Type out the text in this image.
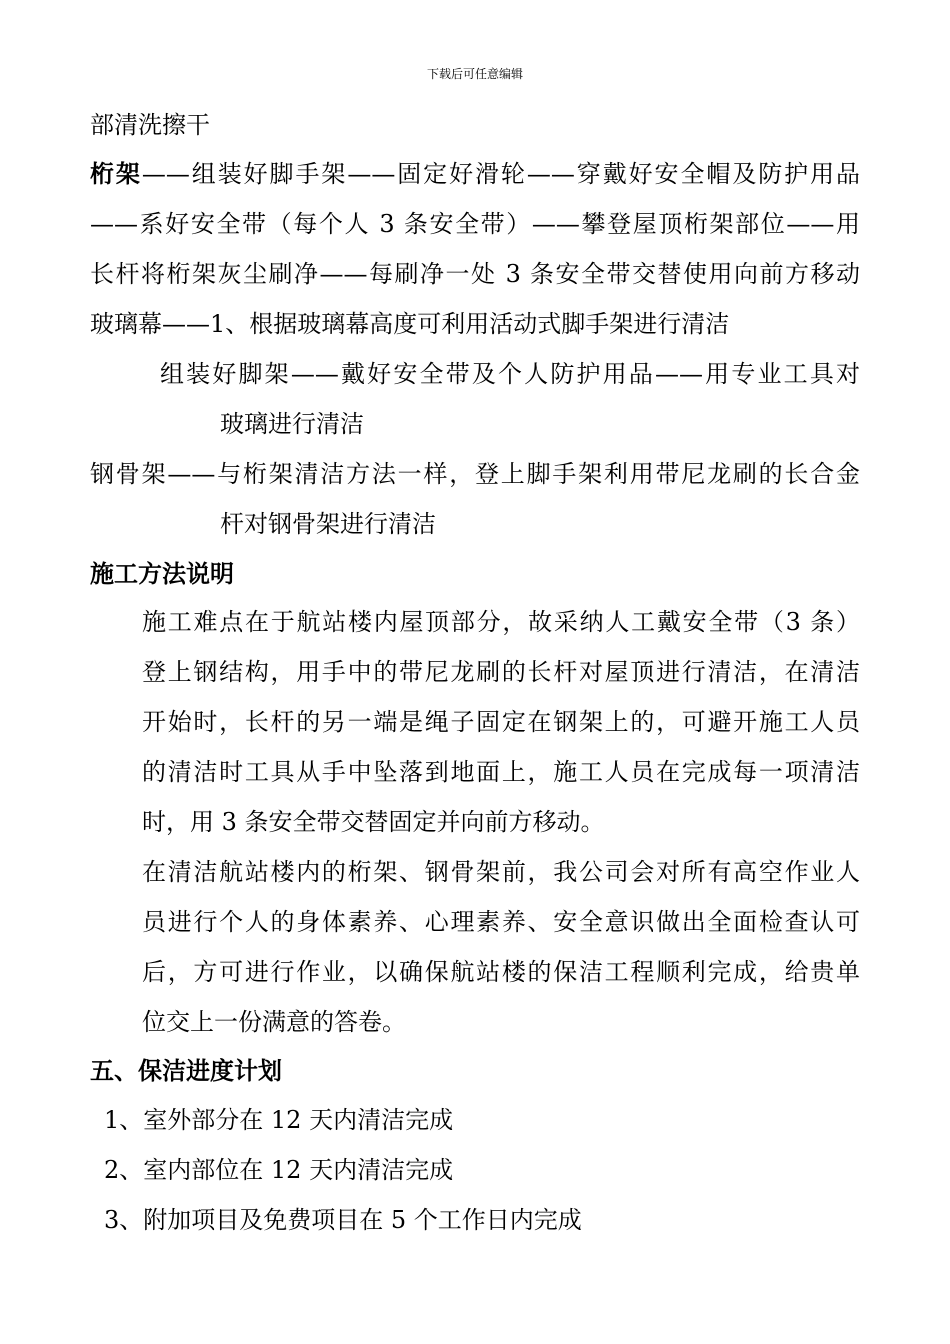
下载后可任意编辑
部清洗擦干
桁架——组装好脚手架——固定好滑轮——穿戴好安全帽及防护用品
——系好安全带（每个人 3 条安全带）——攀登屋顶桁架部位——用
长杆将桁架灰尘刷净——每刷净一处 3 条安全带交替使用向前方移动
玻璃幕——1、根据玻璃幕高度可利用活动式脚手架进行清洁
组装好脚架——戴好安全带及个人防护用品——用专业工具对
玻璃进行清洁
钢骨架——与桁架清洁方法一样，登上脚手架利用带尼龙刷的长合金
杆对钢骨架进行清洁
施工方法说明
施工难点在于航站楼内屋顶部分，故采纳人工戴安全带（3 条）
登上钢结构，用手中的带尼龙刷的长杆对屋顶进行清洁，在清洁
开始时，长杆的另一端是绳子固定在钢架上的，可避开施工人员
的清洁时工具从手中坠落到地面上，施工人员在完成每一项清洁
时，用 3 条安全带交替固定并向前方移动。
在清洁航站楼内的桁架、钢骨架前，我公司会对所有高空作业人
员进行个人的身体素养、心理素养、安全意识做出全面检查认可
后，方可进行作业，以确保航站楼的保洁工程顺利完成，给贵单
位交上一份满意的答卷。
五、保洁进度计划
1、室外部分在 12 天内清洁完成
2、室内部位在 12 天内清洁完成
3、附加项目及免费项目在 5 个工作日内完成
